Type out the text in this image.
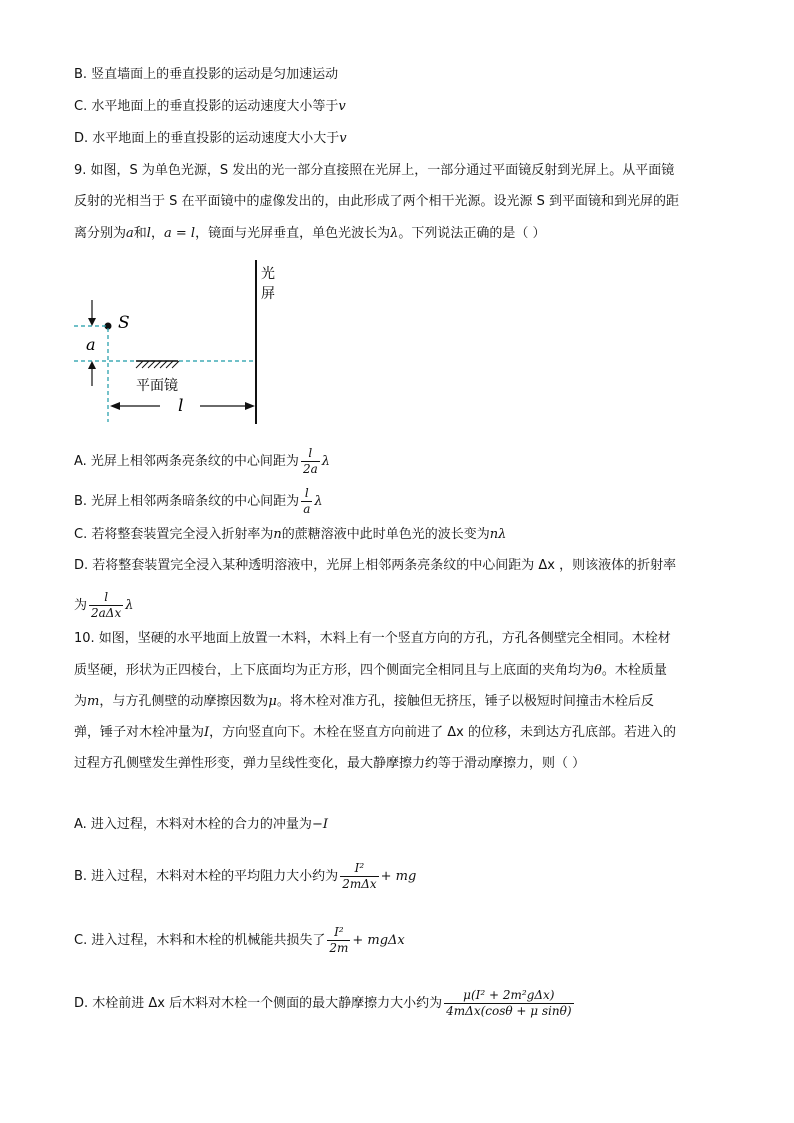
B. 竖直墙面上的垂直投影的运动是匀加速运动
C. 水平地面上的垂直投影的运动速度大小等于v
D. 水平地面上的垂直投影的运动速度大小大于v
9. 如图，S 为单色光源，S 发出的光一部分直接照在光屏上，一部分通过平面镜反射到光屏上。从平面镜
反射的光相当于 S 在平面镜中的虚像发出的，由此形成了两个相干光源。设光源 S 到平面镜和到光屏的距
离分别为a和l，a = l，镜面与光屏垂直，单色光波长为λ。下列说法正确的是（ ）
光
屏
S
平面镜
a
l
A. 光屏上相邻两条亮条纹的中心间距为 $\frac{l}{2a}$ λ
B. 光屏上相邻两条暗条纹的中心间距为 $\frac{l}{a}$ λ
C. 若将整套装置完全浸入折射率为n的蔗糖溶液中此时单色光的波长变为nλ
D. 若将整套装置完全浸入某种透明溶液中，光屏上相邻两条亮条纹的中心间距为 Δx ，则该液体的折射率
为 $\frac{l}{\text{2aΔx}}$ λ
10. 如图，坚硬的水平地面上放置一木料，木料上有一个竖直方向的方孔，方孔各侧壁完全相同。木栓材
质坚硬，形状为正四棱台，上下底面均为正方形，四个侧面完全相同且与上底面的夹角均为θ。木栓质量
为m，与方孔侧壁的动摩擦因数为μ。将木栓对准方孔，接触但无挤压，锤子以极短时间撞击木栓后反
弹，锤子对木栓冲量为I，方向竖直向下。木栓在竖直方向前进了 Δx 的位移，未到达方孔底部。若进入的
过程方孔侧壁发生弹性形变，弹力呈线性变化，最大静摩擦力约等于滑动摩擦力，则（ ）
A. 进入过程，木料对木栓的合力的冲量为−I
B. 进入过程，木料对木栓的平均阻力大小约为 $\frac{\text{I²}}{\text{2mΔx}}$ + mg
C. 进入过程，木料和木栓的机械能共损失了 $\frac{\text{I²}}{2m} + mg\Delta x$
D. 木栓前进 Δx 后木料对木栓一个侧面的最大静摩擦力大小约为 $\frac{\text{μ(I² + 2m²gΔx)}}{\text{4mΔx(cosθ + μ sinθ)}}$
